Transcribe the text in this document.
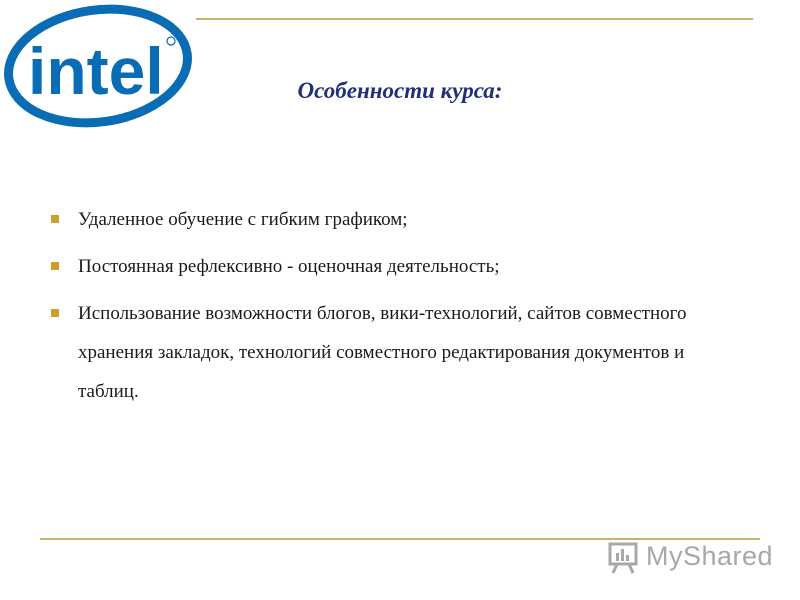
intel	Особенности курса:
Удаленное обучение с гибким графиком;
Постоянная рефлексивно - оценочная деятельность;
Использование возможности блогов, вики-технологий, сайтов совместного хранения закладок, технологий совместного редактирования документов и таблиц.
MyShared
